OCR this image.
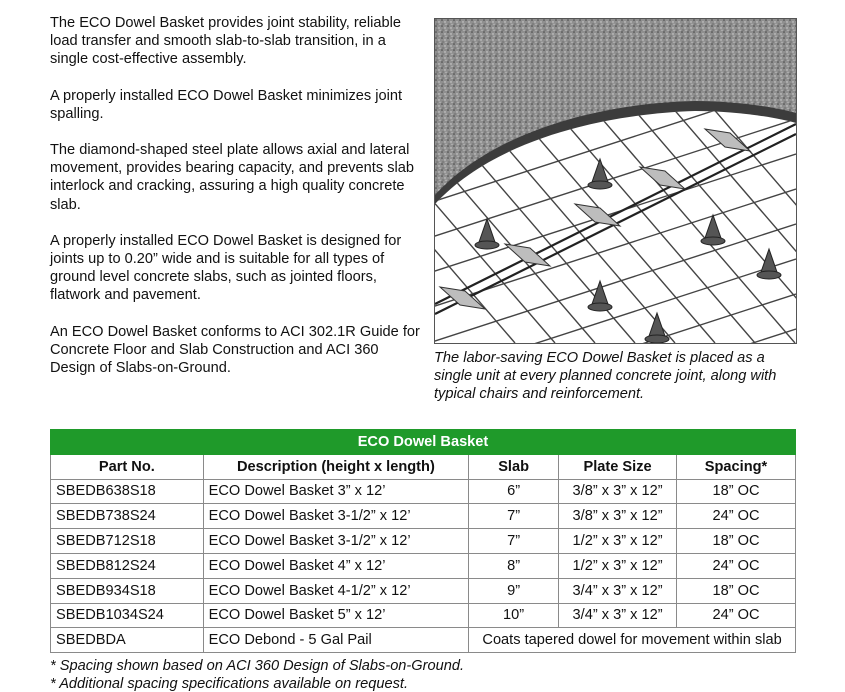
The ECO Dowel Basket provides joint stability, reliable load transfer and smooth slab-to-slab transition, in a single cost-effective assembly.

A properly installed ECO Dowel Basket minimizes joint spalling.

The diamond-shaped steel plate allows axial and lateral movement, provides bearing capacity, and prevents slab interlock and cracking, assuring a high quality concrete slab.

A properly installed ECO Dowel Basket is designed for joints up to 0.20” wide and is suitable for all types of ground level concrete slabs, such as jointed floors, flatwork and pavement.

An ECO Dowel Basket conforms to ACI 302.1R Guide for Concrete Floor and Slab Construction and ACI 360 Design of Slabs-on-Ground.

The labor-saving ECO Dowel Basket is placed as a single unit at every planned concrete joint, along with typical chairs and reinforcement.
ECO Dowel Basket				
Part No.	Description (height x length)	Slab	Plate Size	Spacing*
SBEDB638S18	ECO Dowel Basket 3” x 12’	6”	3/8” x 3” x 12”	18” OC
SBEDB738S24	ECO Dowel Basket 3-1/2” x 12’	7”	3/8” x 3” x 12”	24” OC
SBEDB712S18	ECO Dowel Basket 3-1/2” x 12’	7”	1/2” x 3” x 12”	18” OC
SBEDB812S24	ECO Dowel Basket 4” x 12’	8”	1/2” x 3” x 12”	24” OC
SBEDB934S18	ECO Dowel Basket 4-1/2” x 12’	9”	3/4” x 3” x 12”	18” OC
SBEDB1034S24	ECO Dowel Basket 5” x 12’	10”	3/4” x 3” x 12”	24” OC
SBEDBDA	ECO Debond - 5 Gal Pail	Coats tapered dowel for movement within slab		
* Spacing shown based on ACI 360 Design of Slabs-on-Ground.
* Additional spacing specifications available on request.
